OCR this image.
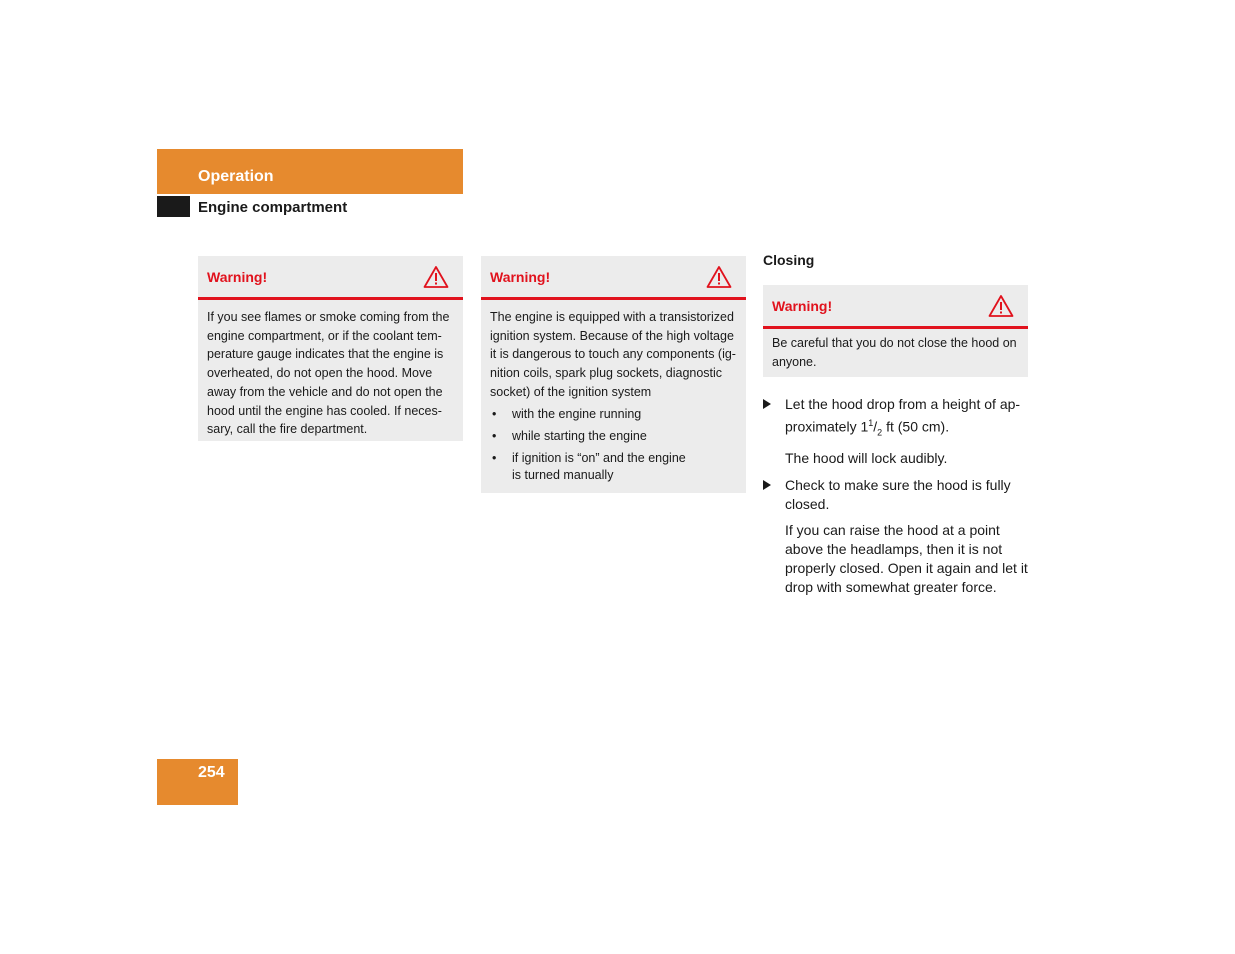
Operation
Engine compartment
Warning!
If you see flames or smoke coming from the
engine compartment, or if the coolant tem-
perature gauge indicates that the engine is
overheated, do not open the hood. Move
away from the vehicle and do not open the
hood until the engine has cooled. If neces-
sary, call the fire department.
Warning!
The engine is equipped with a transistorized
ignition system. Because of the high voltage
it is dangerous to touch any components (ig-
nition coils, spark plug sockets, diagnostic
socket) of the ignition system
• with the engine running
• while starting the engine
• if ignition is “on” and the engine is turned manually
Closing
Warning!
Be careful that you do not close the hood on
anyone.
Let the hood drop from a height of ap-
proximately $1^1/_2$ ft (50 cm).
The hood will lock audibly.
Check to make sure the hood is fully
closed.
If you can raise the hood at a point
above the headlamps, then it is not
properly closed. Open it again and let it
drop with somewhat greater force.
254
